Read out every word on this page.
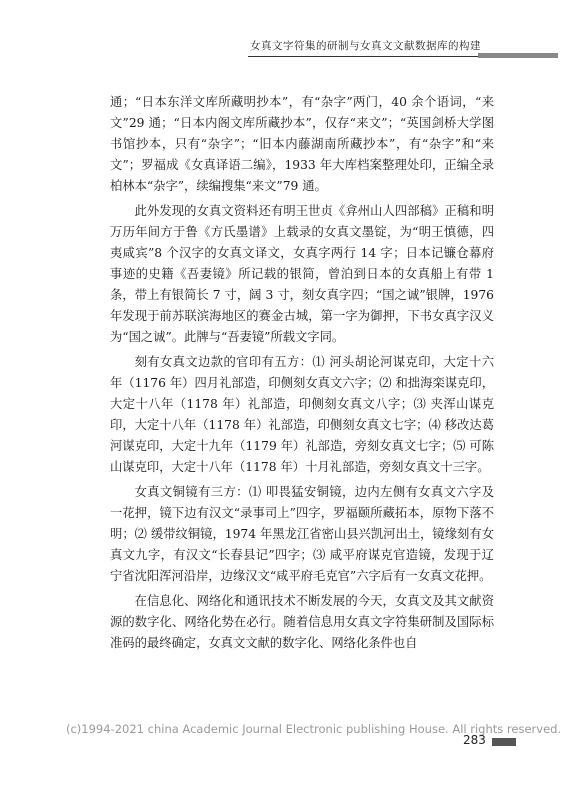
女真文字符集的研制与女真文文献数据库的构建

通；“日本东洋文库所藏明抄本”，有“杂字”两门，40 余个语词，“来文”29 通；“日本内阁文库所藏抄本”，仅存“来文”；“英国剑桥大学图书馆抄本，只有“杂字”；“旧本内藤湖南所藏抄本”，有“杂字”和“来文”；罗福成《女真译语二编》，1933 年大库档案整理处印，正编全录柏林本“杂字”，续编搜集“来文”79 通。

此外发现的女真文资料还有明王世贞《弇州山人四部稿》正稿和明万历年间方于鲁《方氏墨谱》上载录的女真文墨锭，为“明王慎德，四夷咸宾”8 个汉字的女真文译文，女真字两行 14 字；日本记镰仓幕府事迹的史籍《吾妻镜》所记载的银简，曾泊到日本的女真船上有带 1 条，带上有银简长 7 寸，阔 3 寸，刻女真字四；“国之诚”银牌，1976 年发现于前苏联滨海地区的赛金古城，第一字为御押，下书女真字汉义为“国之诚”。此牌与“吾妻镜”所载文字同。

刻有女真文边款的官印有五方：⑴ 河头胡论河谋克印，大定十六年（1176 年）四月礼部造，印侧刻女真文六字；⑵ 和拙海栾谋克印，大定十八年（1178 年）礼部造，印侧刻女真文八字；⑶ 夹浑山谋克印，大定十八年（1178 年）礼部造，印侧刻女真文七字；⑷ 移改达葛河谋克印，大定十九年（1179 年）礼部造，旁刻女真文七字；⑸ 可陈山谋克印，大定十八年（1178 年）十月礼部造，旁刻女真文十三字。

女真文铜镜有三方：⑴ 叩畏猛安铜镜，边内左侧有女真文六字及一花押，镜下边有汉文“录事司上”四字，罗福颐所藏拓本，原物下落不明；⑵ 缓带纹铜镜，1974 年黑龙江省密山县兴凯河出土，镜缘刻有女真文九字，有汉文“长春县记”四字；⑶ 咸平府谋克官造镜，发现于辽宁省沈阳浑河沿岸，边缘汉文“咸平府毛克官”六字后有一女真文花押。

在信息化、网络化和通讯技术不断发展的今天，女真文及其文献资源的数字化、网络化势在必行。随着信息用女真文字符集研制及国际标准码的最终确定，女真文文献的数字化、网络化条件也自

(c)1994-2021 china Academic Journal Electronic publishing House. All rights reserved.
283
